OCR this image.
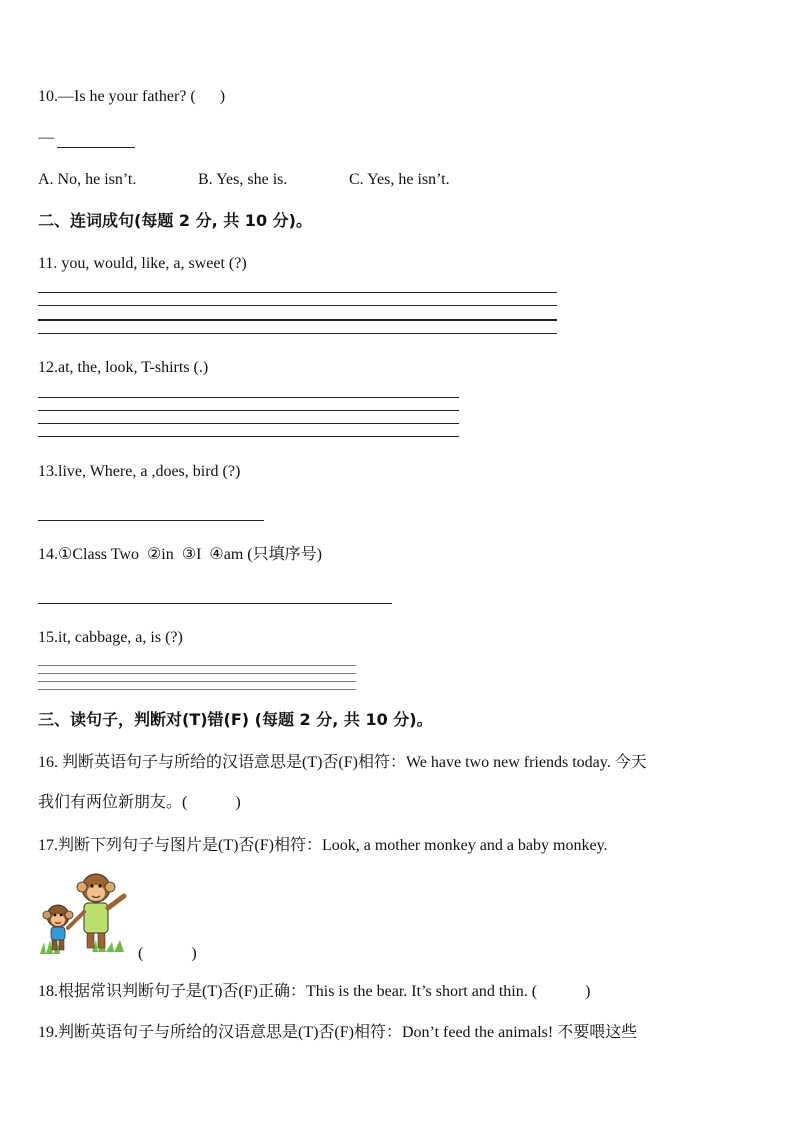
10.—Is he your father? (      )
—
A. No, he isn’t.	B. Yes, she is.	C. Yes, he isn’t.
二、连词成句(每题 2 分, 共 10 分)。
11. you, would, like, a, sweet (?)
12.at, the, look, T-shirts (.)
13.live, Where, a ,does, bird (?)
14.①Class Two  ②in  ③I  ④am (只填序号)
15.it, cabbage, a, is (?)
三、读句子，判断对(T)错(F) (每题 2 分, 共 10 分)。
16. 判断英语句子与所给的汉语意思是(T)否(F)相符：We have two new friends today. 今天
我们有两位新朋友。(            )
17.判断下列句子与图片是(T)否(F)相符：Look, a mother monkey and a baby monkey.
(            )
18.根据常识判断句子是(T)否(F)正确：This is the bear. It’s short and thin. (            )
19.判断英语句子与所给的汉语意思是(T)否(F)相符：Don’t feed the animals! 不要喂这些
